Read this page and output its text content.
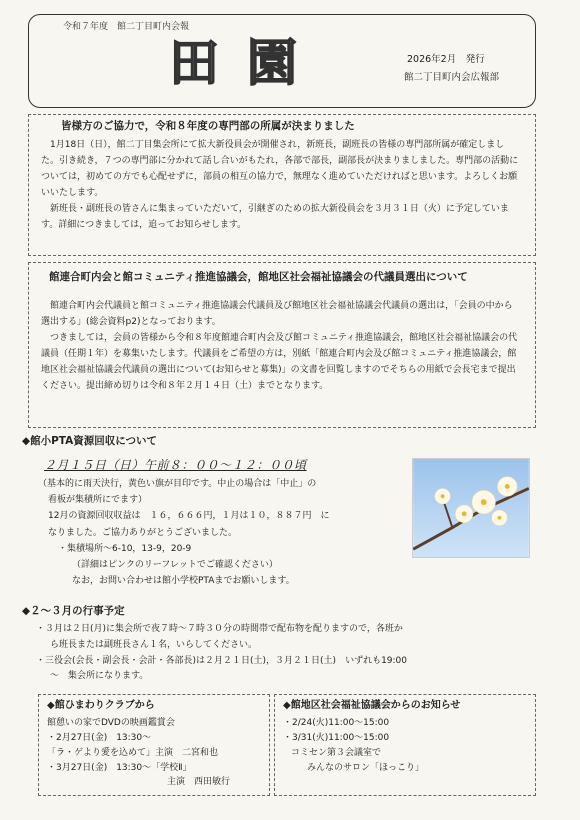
令和７年度　館二丁目町内会報
田園	2026年2月　発行
館二丁目町内会広報部
皆様方のご協力で，令和８年度の専門部の所属が決まりました
1月18日（日），館二丁目集会所にて拡大新役員会が開催され，新班長，副班長の皆様の専門部所属が確定しました。引き続き，７つの専門部に分かれて話し合いがもたれ，各部で部長，副部長が決まりましました。専門部の活動については，初めての方でも心配せずに，部員の相互の協力で，無理なく進めていただければと思います。よろしくお願いいたします。
新班長・副班長の皆さんに集まっていただいて，引継ぎのための拡大新役員会を３月３１日（火）に予定しています。詳細につきましては，追ってお知らせします。
館連合町内会と館コミュニティ推進協議会，館地区社会福祉協議会の代議員選出について
館連合町内会代議員と館コミュニティ推進協議会代議員及び館地区社会福祉協議会代議員の選出は，「会員の中から選出する」(総会資料p2)となっております。
つきましては，会員の皆様から令和８年度館連合町内会及び館コミュニティ推進協議会，館地区社会福祉協議会の代議員（任期１年）を募集いたします。代議員をご希望の方は，別紙「館連合町内会及び館コミュニティ推進協議会，館地区社会福祉協議会代議員の選出について(お知らせと募集)」の文書を回覧しますのでそちらの用紙で会長宅まで提出ください。提出締め切りは令和８年２月１４日（土）までとなります。
◆館小PTA資源回収について
２月１５日（日）午前８：００～１２：００頃
（基本的に雨天決行，黄色い旗が目印です。中止の場合は「中止」の
看板が集積所にでます）
12月の資源回収収益は　１６，６６６円，１月は１０，８８７円　に
なりました。ご協力ありがとうございました。
・集積場所～6-10，13-9，20-9
（詳細はピンクのリーフレットでご確認ください）
なお，お問い合わせは館小学校PTAまでお願いします。
◆２～３月の行事予定
・３月は２日(月)に集会所で夜７時～７時３０分の時間帯で配布物を配りますので，各班か
ら班長または副班長さん１名，いらしてください。
・三役会(会長・副会長・会計・各部長)は２月２１日(土)，３月２１日(土)　いずれも19:00
～　集会所になります。
◆館ひまわりクラブから
館憩いの家でDVDの映画鑑賞会
・2月27日(金)　13:30～
「ラ・ゲより愛を込めて」主演　二宮和也
・3月27日(金)　13:30～「学校Ⅱ」
主演　西田敏行
◆館地区社会福祉協議会からのお知らせ
・2/24(火)11:00～15:00
・3/31(火)11:00～15:00
コミセン第３会議室で
みんなのサロン「ほっこり」
